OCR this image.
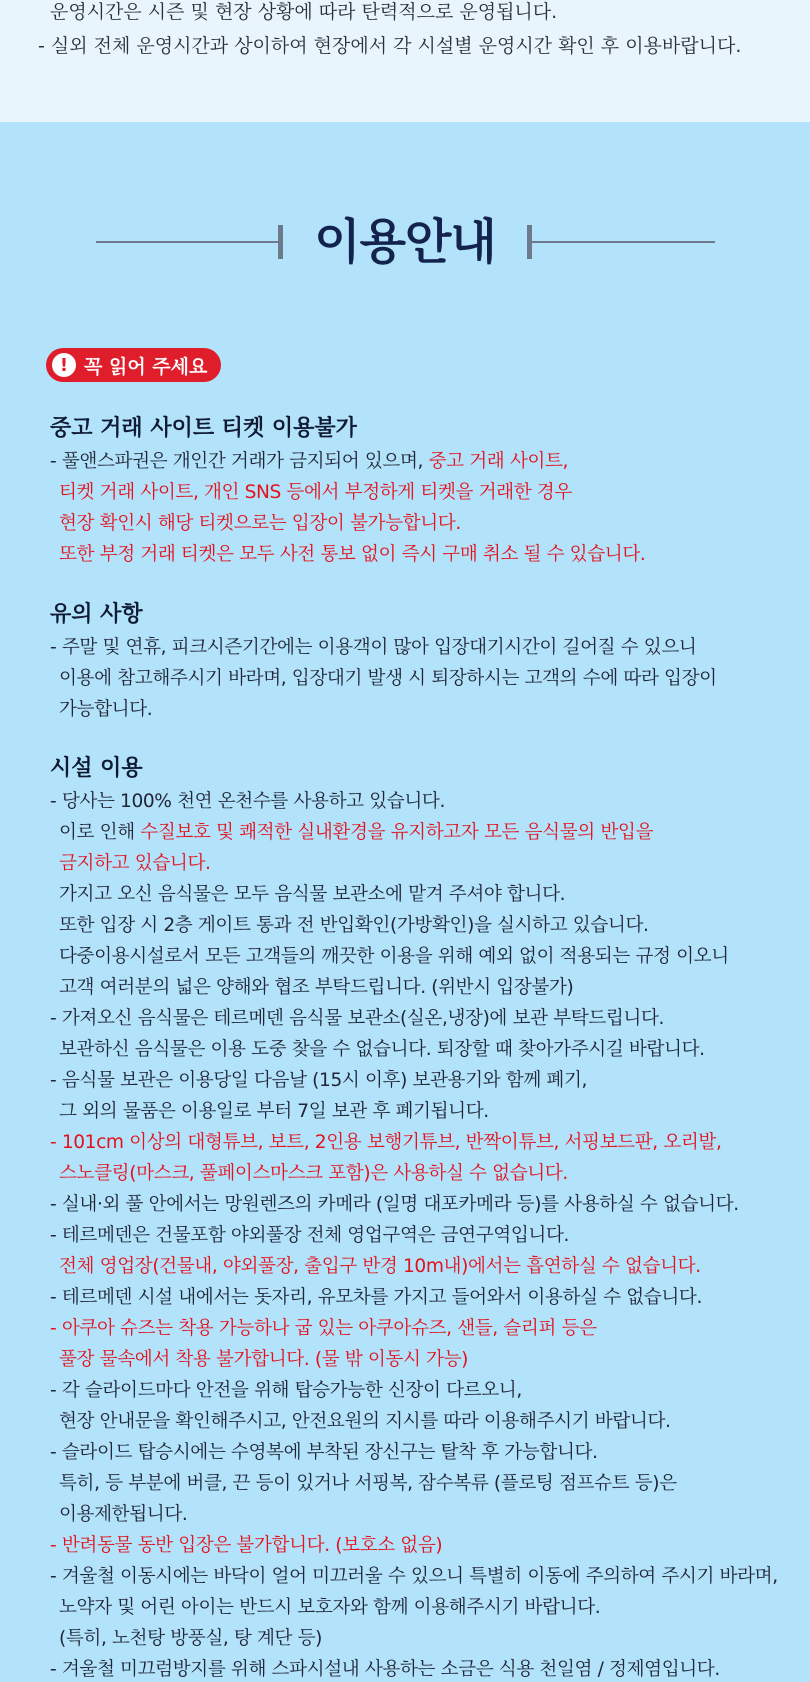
운영시간은 시즌 및 현장 상황에 따라 탄력적으로 운영됩니다.
- 실외 전체 운영시간과 상이하여 현장에서 각 시설별 운영시간 확인 후 이용바랍니다.
이용안내
! 꼭 읽어 주세요
중고 거래 사이트 티켓 이용불가
- 풀앤스파권은 개인간 거래가 금지되어 있으며, 중고 거래 사이트,
티켓 거래 사이트, 개인 SNS 등에서 부정하게 티켓을 거래한 경우
현장 확인시 해당 티켓으로는 입장이 불가능합니다.
또한 부정 거래 티켓은 모두 사전 통보 없이 즉시 구매 취소 될 수 있습니다.
유의 사항
- 주말 및 연휴, 피크시즌기간에는 이용객이 많아 입장대기시간이 길어질 수 있으니
이용에 참고해주시기 바라며, 입장대기 발생 시 퇴장하시는 고객의 수에 따라 입장이
가능합니다.
시설 이용
- 당사는 100% 천연 온천수를 사용하고 있습니다.
이로 인해 수질보호 및 쾌적한 실내환경을 유지하고자 모든 음식물의 반입을
금지하고 있습니다.
가지고 오신 음식물은 모두 음식물 보관소에 맡겨 주셔야 합니다.
또한 입장 시 2층 게이트 통과 전 반입확인(가방확인)을 실시하고 있습니다.
다중이용시설로서 모든 고객들의 깨끗한 이용을 위해 예외 없이 적용되는 규정 이오니
고객 여러분의 넓은 양해와 협조 부탁드립니다. (위반시 입장불가)
- 가져오신 음식물은 테르메덴 음식물 보관소(실온,냉장)에 보관 부탁드립니다.
보관하신 음식물은 이용 도중 찾을 수 없습니다. 퇴장할 때 찾아가주시길 바랍니다.
- 음식물 보관은 이용당일 다음날 (15시 이후) 보관용기와 함께 폐기,
그 외의 물품은 이용일로 부터 7일 보관 후 폐기됩니다.
- 101cm 이상의 대형튜브, 보트, 2인용 보행기튜브, 반짝이튜브, 서핑보드판, 오리발,
스노클링(마스크, 풀페이스마스크 포함)은 사용하실 수 없습니다.
- 실내·외 풀 안에서는 망원렌즈의 카메라 (일명 대포카메라 등)를 사용하실 수 없습니다.
- 테르메덴은 건물포함 야외풀장 전체 영업구역은 금연구역입니다.
전체 영업장(건물내, 야외풀장, 출입구 반경 10m내)에서는 흡연하실 수 없습니다.
- 테르메덴 시설 내에서는 돗자리, 유모차를 가지고 들어와서 이용하실 수 없습니다.
- 아쿠아 슈즈는 착용 가능하나 굽 있는 아쿠아슈즈, 샌들, 슬리퍼 등은
풀장 물속에서 착용 불가합니다. (물 밖 이동시 가능)
- 각 슬라이드마다 안전을 위해 탑승가능한 신장이 다르오니,
현장 안내문을 확인해주시고, 안전요원의 지시를 따라 이용해주시기 바랍니다.
- 슬라이드 탑승시에는 수영복에 부착된 장신구는 탈착 후 가능합니다.
특히, 등 부분에 버클, 끈 등이 있거나 서핑복, 잠수복류 (플로팅 점프슈트 등)은
이용제한됩니다.
- 반려동물 동반 입장은 불가합니다. (보호소 없음)
- 겨울철 이동시에는 바닥이 얼어 미끄러울 수 있으니 특별히 이동에 주의하여 주시기 바라며,
노약자 및 어린 아이는 반드시 보호자와 함께 이용해주시기 바랍니다.
(특히, 노천탕 방풍실, 탕 계단 등)
- 겨울철 미끄럼방지를 위해 스파시설내 사용하는 소금은 식용 천일염 / 정제염입니다.
